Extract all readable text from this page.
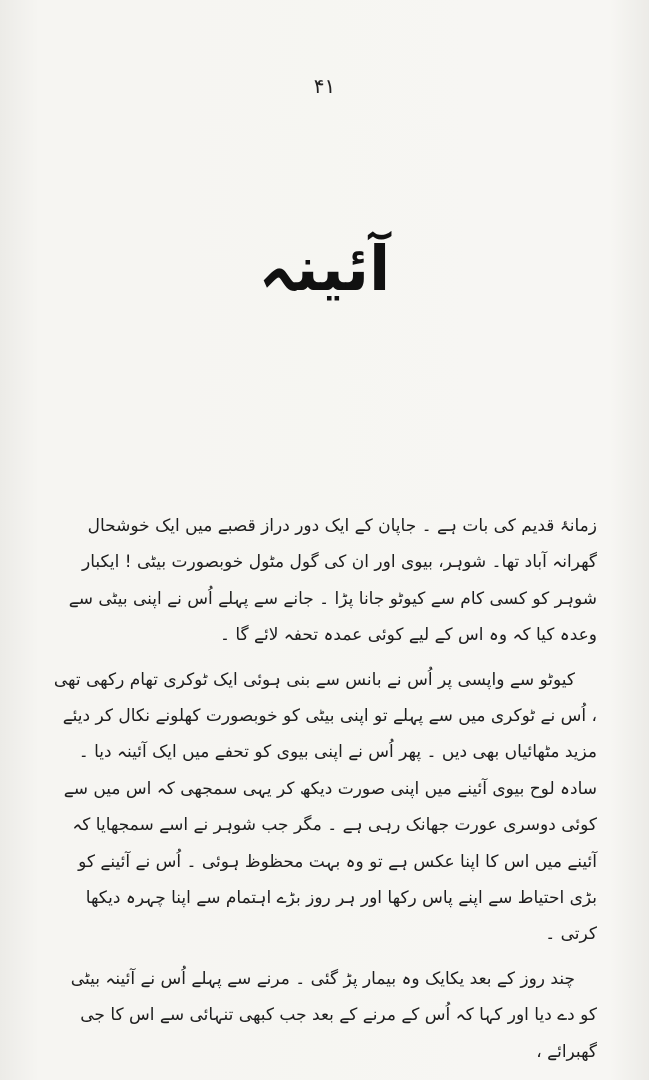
۴۱
آئینہ

زمانۂ قدیم کی بات ہے ۔ جاپان کے ایک دور دراز قصبے میں ایک خوشحال گھرانہ آباد تھا۔ شوہر، بیوی اور ان کی گول مٹول خوبصورت بیٹی ! ایکبار شوہر کو کسی کام سے کیوٹو جانا پڑا ۔ جانے سے پہلے اُس نے اپنی بیٹی سے وعدہ کیا کہ وہ اس کے لیے کوئی عمدہ تحفہ لائے گا ۔

کیوٹو سے واپسی پر اُس نے بانس سے بنی ہوئی ایک ٹوکری تھام رکھی تھی ، اُس نے ٹوکری میں سے پہلے تو اپنی بیٹی کو خوبصورت کھلونے نکال کر دیئے مزید مٹھائیاں بھی دیں ۔ پھر اُس نے اپنی بیوی کو تحفے میں ایک آئینہ دیا ۔ سادہ لوح بیوی آئینے میں اپنی صورت دیکھ کر یہی سمجھی کہ اس میں سے کوئی دوسری عورت جھانک رہی ہے ۔ مگر جب شوہر نے اسے سمجھایا کہ آئینے میں اس کا اپنا عکس ہے تو وہ بہت محظوظ ہوئی ۔ اُس نے آئینے کو بڑی احتیاط سے اپنے پاس رکھا اور ہر روز بڑے اہتمام سے اپنا چہرہ دیکھا کرتی ۔

چند روز کے بعد یکایک وہ بیمار پڑ گئی ۔ مرنے سے پہلے اُس نے آئینہ بیٹی کو دے دیا اور کہا کہ اُس کے مرنے کے بعد جب کبھی تنہائی سے اس کا جی گھبرائے ،
